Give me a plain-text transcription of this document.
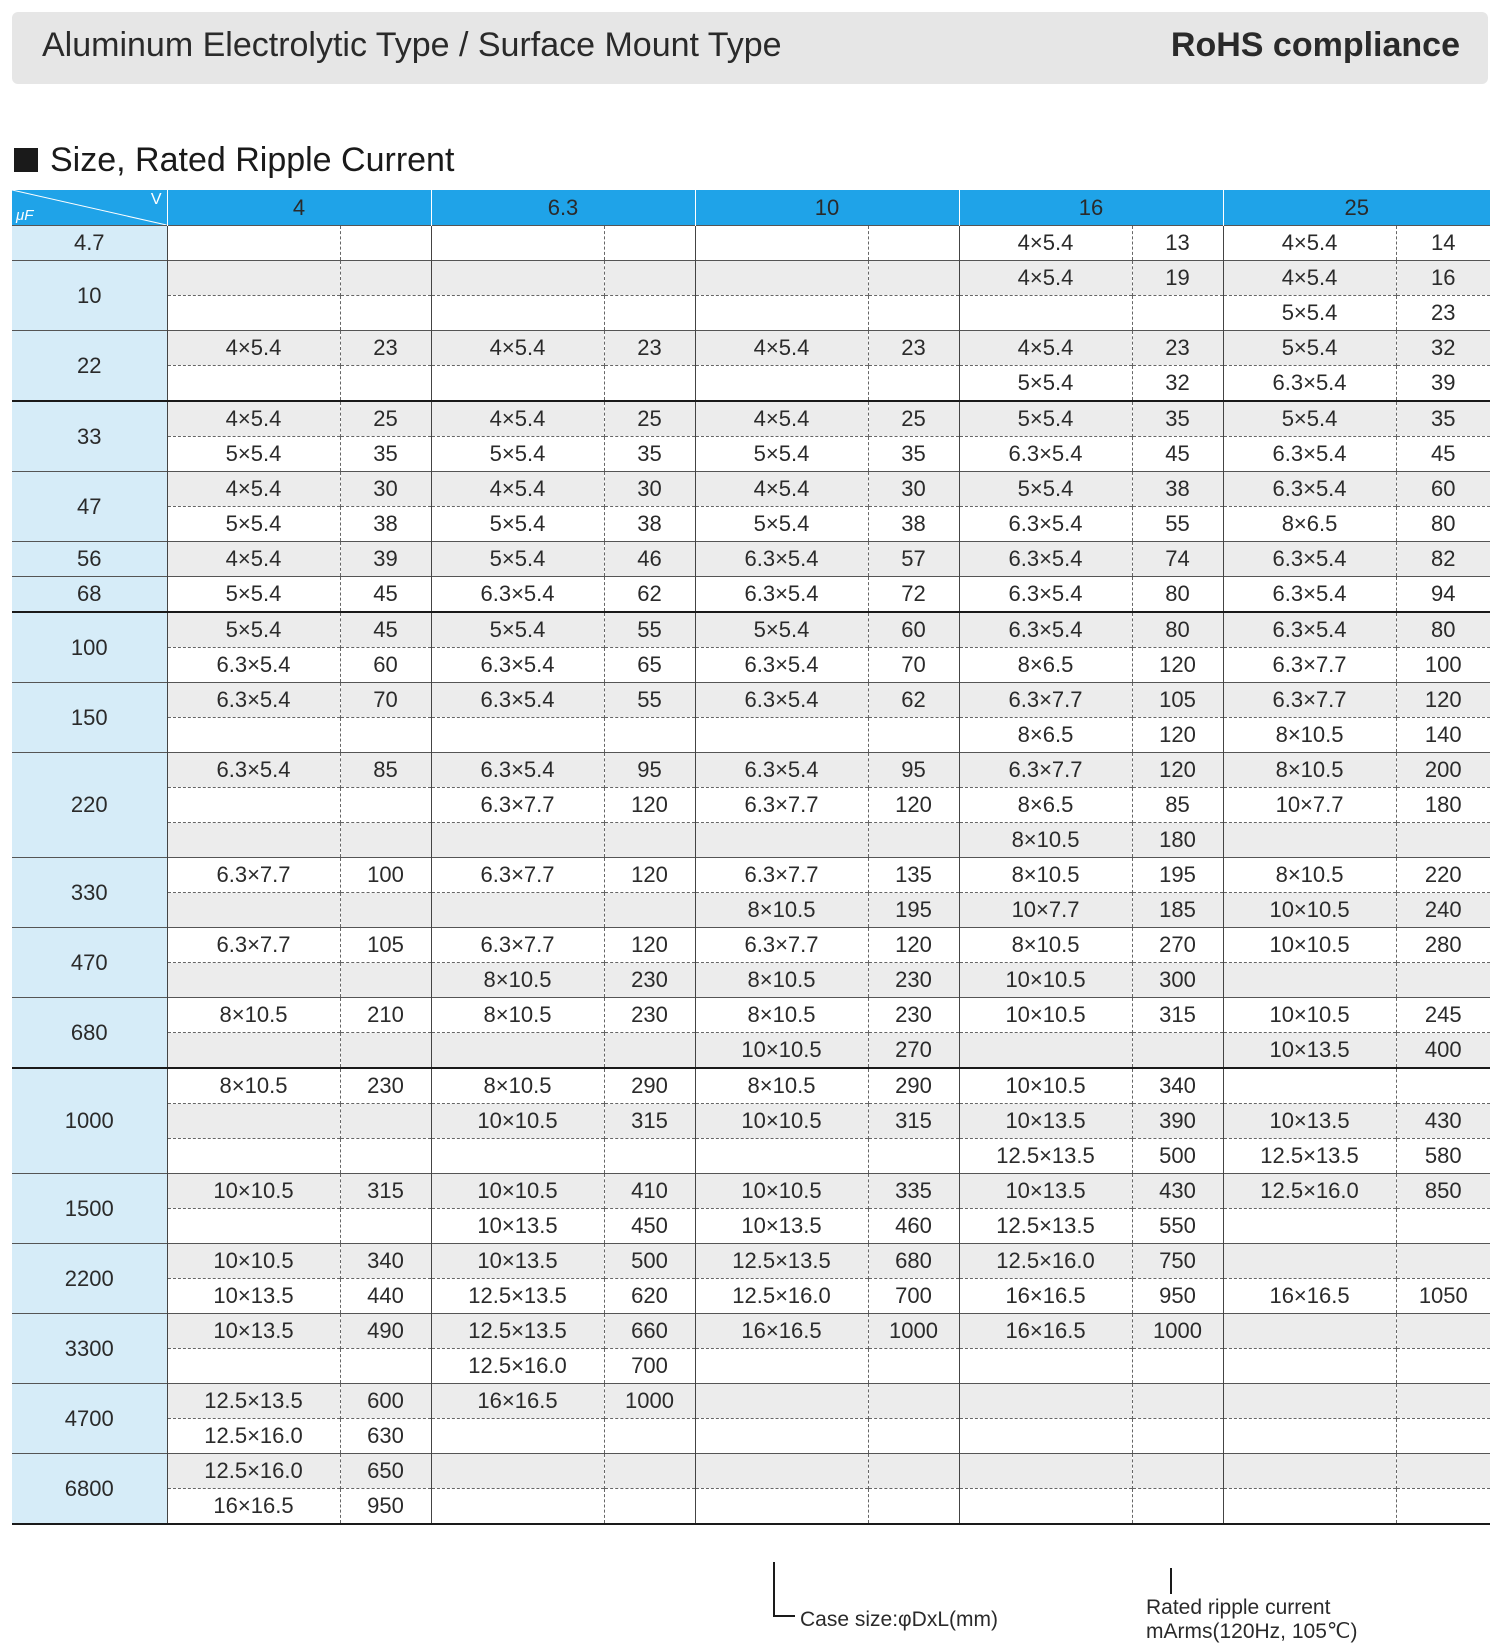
Aluminum Electrolytic Type / Surface Mount Type	RoHS compliance
Size, Rated Ripple Current
V
μF	4		6.3		10		16		25	
4.7							4×5.4	13	4×5.4	14
10							4×5.4	19	4×5.4	16
									5×5.4	23
22	4×5.4	23	4×5.4	23	4×5.4	23	4×5.4	23	5×5.4	32
							5×5.4	32	6.3×5.4	39
33	4×5.4	25	4×5.4	25	4×5.4	25	5×5.4	35	5×5.4	35
	5×5.4	35	5×5.4	35	5×5.4	35	6.3×5.4	45	6.3×5.4	45
47	4×5.4	30	4×5.4	30	4×5.4	30	5×5.4	38	6.3×5.4	60
	5×5.4	38	5×5.4	38	5×5.4	38	6.3×5.4	55	8×6.5	80
56	4×5.4	39	5×5.4	46	6.3×5.4	57	6.3×5.4	74	6.3×5.4	82
68	5×5.4	45	6.3×5.4	62	6.3×5.4	72	6.3×5.4	80	6.3×5.4	94
100	5×5.4	45	5×5.4	55	5×5.4	60	6.3×5.4	80	6.3×5.4	80
	6.3×5.4	60	6.3×5.4	65	6.3×5.4	70	8×6.5	120	6.3×7.7	100
150	6.3×5.4	70	6.3×5.4	55	6.3×5.4	62	6.3×7.7	105	6.3×7.7	120
							8×6.5	120	8×10.5	140
220	6.3×5.4	85	6.3×5.4	95	6.3×5.4	95	6.3×7.7	120	8×10.5	200
			6.3×7.7	120	6.3×7.7	120	8×6.5	85	10×7.7	180
							8×10.5	180		
330	6.3×7.7	100	6.3×7.7	120	6.3×7.7	135	8×10.5	195	8×10.5	220
					8×10.5	195	10×7.7	185	10×10.5	240
470	6.3×7.7	105	6.3×7.7	120	6.3×7.7	120	8×10.5	270	10×10.5	280
			8×10.5	230	8×10.5	230	10×10.5	300		
680	8×10.5	210	8×10.5	230	8×10.5	230	10×10.5	315	10×10.5	245
					10×10.5	270			10×13.5	400
1000	8×10.5	230	8×10.5	290	8×10.5	290	10×10.5	340		
			10×10.5	315	10×10.5	315	10×13.5	390	10×13.5	430
							12.5×13.5	500	12.5×13.5	580
1500	10×10.5	315	10×10.5	410	10×10.5	335	10×13.5	430	12.5×16.0	850
			10×13.5	450	10×13.5	460	12.5×13.5	550		
2200	10×10.5	340	10×13.5	500	12.5×13.5	680	12.5×16.0	750		
	10×13.5	440	12.5×13.5	620	12.5×16.0	700	16×16.5	950	16×16.5	1050
3300	10×13.5	490	12.5×13.5	660	16×16.5	1000	16×16.5	1000		
			12.5×16.0	700						
4700	12.5×13.5	600	16×16.5	1000						
	12.5×16.0	630								
6800	12.5×16.0	650								
	16×16.5	950								
Case size:φDxL(mm)
Rated ripple current
mArms(120Hz, 105℃)
